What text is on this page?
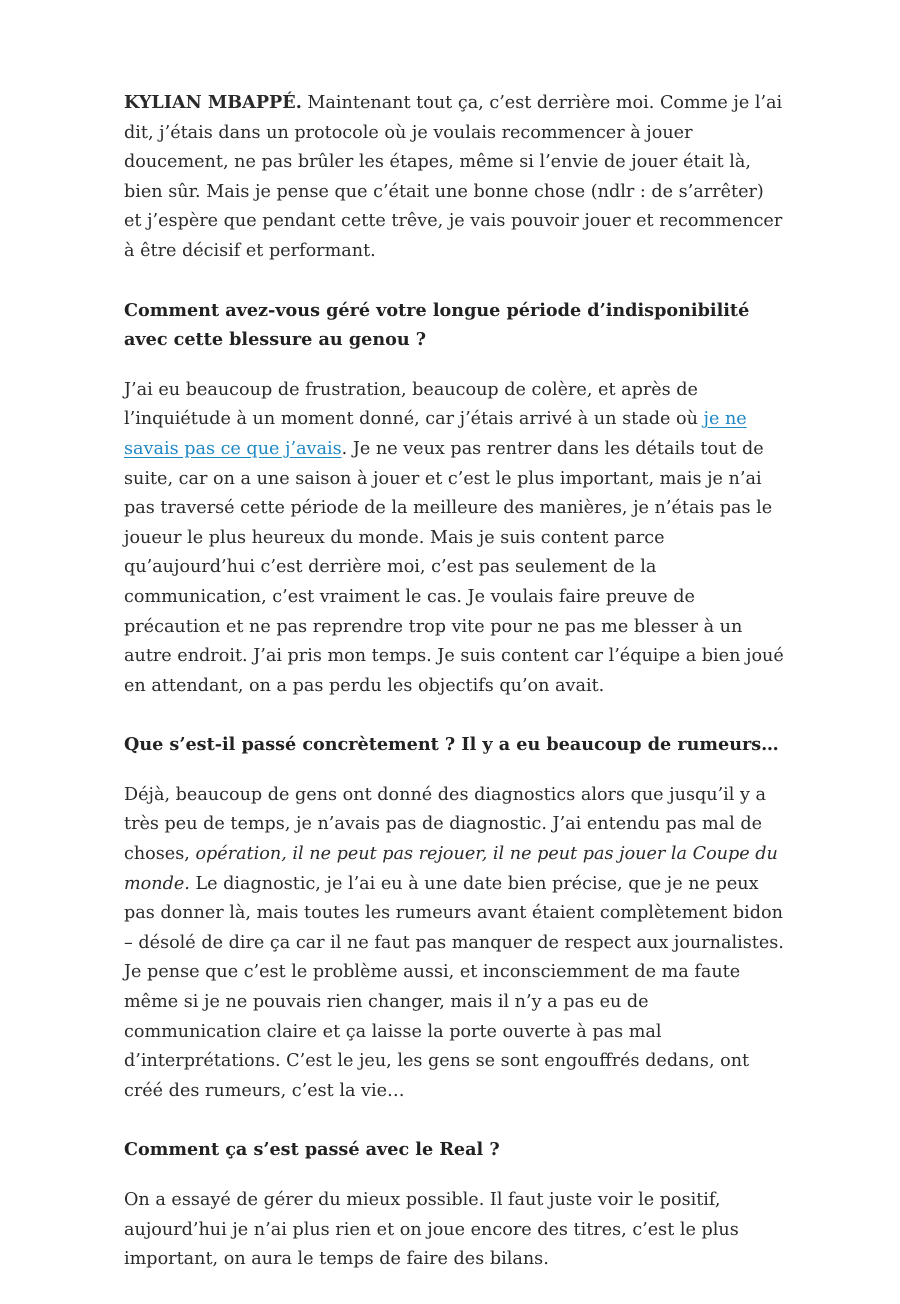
KYLIAN MBAPPÉ. Maintenant tout ça, c’est derrière moi. Comme je l’ai dit, j’étais dans un protocole où je voulais recommencer à jouer doucement, ne pas brûler les étapes, même si l’envie de jouer était là, bien sûr. Mais je pense que c’était une bonne chose (ndlr : de s’arrêter) et j’espère que pendant cette trêve, je vais pouvoir jouer et recommencer à être décisif et performant.

Comment avez-vous géré votre longue période d’indisponibilité avec cette blessure au genou ?

J’ai eu beaucoup de frustration, beaucoup de colère, et après de l’inquiétude à un moment donné, car j’étais arrivé à un stade où je ne savais pas ce que j’avais. Je ne veux pas rentrer dans les détails tout de suite, car on a une saison à jouer et c’est le plus important, mais je n’ai pas traversé cette période de la meilleure des manières, je n’étais pas le joueur le plus heureux du monde. Mais je suis content parce qu’aujourd’hui c’est derrière moi, c’est pas seulement de la communication, c’est vraiment le cas. Je voulais faire preuve de précaution et ne pas reprendre trop vite pour ne pas me blesser à un autre endroit. J’ai pris mon temps. Je suis content car l’équipe a bien joué en attendant, on a pas perdu les objectifs qu’on avait.

Que s’est-il passé concrètement ? Il y a eu beaucoup de rumeurs…

Déjà, beaucoup de gens ont donné des diagnostics alors que jusqu’il y a très peu de temps, je n’avais pas de diagnostic. J’ai entendu pas mal de choses, opération, il ne peut pas rejouer, il ne peut pas jouer la Coupe du monde. Le diagnostic, je l’ai eu à une date bien précise, que je ne peux pas donner là, mais toutes les rumeurs avant étaient complètement bidon – désolé de dire ça car il ne faut pas manquer de respect aux journalistes. Je pense que c’est le problème aussi, et inconsciemment de ma faute même si je ne pouvais rien changer, mais il n’y a pas eu de communication claire et ça laisse la porte ouverte à pas mal d’interprétations. C’est le jeu, les gens se sont engouffrés dedans, ont créé des rumeurs, c’est la vie…

Comment ça s’est passé avec le Real ?

On a essayé de gérer du mieux possible. Il faut juste voir le positif, aujourd’hui je n’ai plus rien et on joue encore des titres, c’est le plus important, on aura le temps de faire des bilans.
